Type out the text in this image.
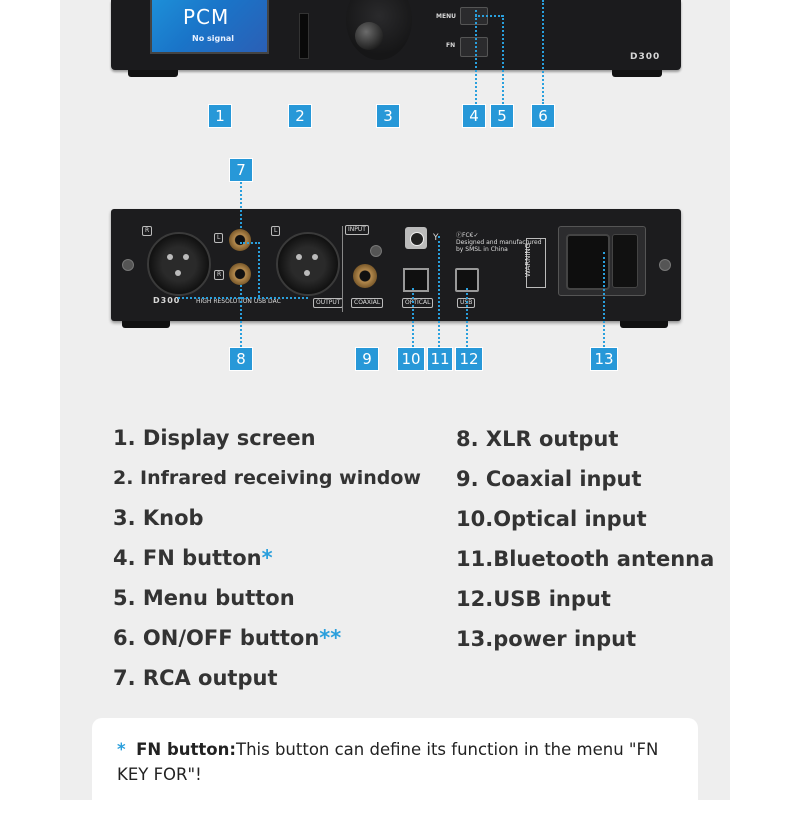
PCM
No signal
MENU
FN
D300
1	2	3	4	5	6
R	L
L
R
D300	HIGH RESOLUTION USB DAC	OUTPUT
INPUT
COAXIAL
Y
OPTICAL	USB
ⒻFC€✓
Designed and manufactured
by SMSL in China	WARNING
7
8	9	10 11 12	13
1. Display screen
2. Infrared receiving window
3. Knob
4. FN button*
5. Menu button
6. ON/OFF button**
7. RCA output
8. XLR output
9. Coaxial input
10.Optical input
11.Bluetooth antenna
12.USB input
13.power input
* FN button:This button can define its function in the menu "FN KEY FOR"!
